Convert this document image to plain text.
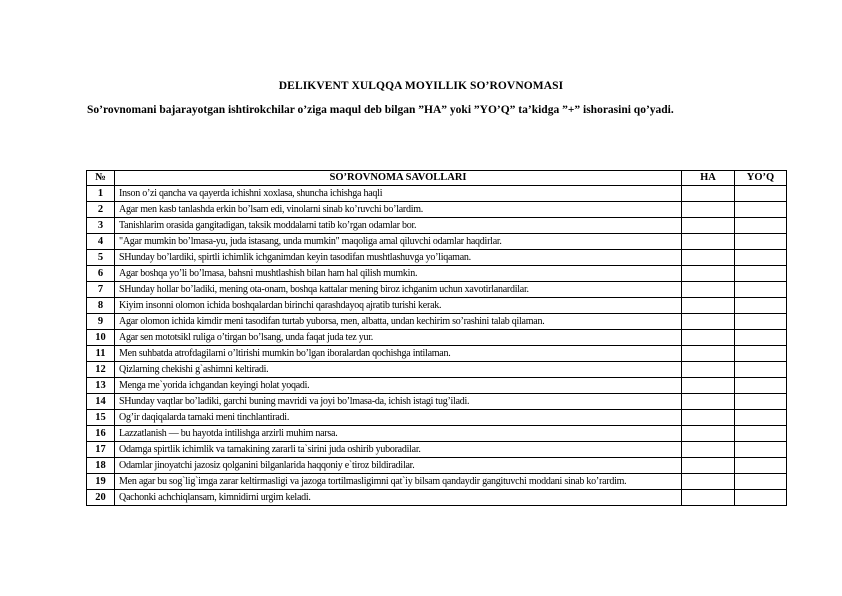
DELIKVENT XULQQA MOYILLIK SO’ROVNOMASI
So’rovnomani bajarayotgan ishtirokchilar o’ziga maqul deb bilgan ”HA” yoki ”YO’Q” ta’kidga ”+” ishorasini qo’yadi.
№	SO’ROVNOMA SAVOLLARI	HA	YO’Q
1	Inson o’zi qancha va qayerda ichishni xoxlasa, shuncha ichishga haqli		
2	Agar men kasb tanlashda erkin bo’lsam edi, vinolarni sinab ko’ruvchi bo’lardim.		
3	Tanishlarim orasida gangitadigan, taksik moddalarni tatib ko’rgan odamlar bor.		
4	"Agar mumkin bo’lmasa-yu, juda istasang, unda mumkin" maqoliga amal qiluvchi odamlar haqdirlar.		
5	SHunday bo’lardiki, spirtli ichimlik ichganimdan keyin tasodifan mushtlashuvga yo’liqaman.		
6	Agar boshqa yo’li bo’lmasa, bahsni mushtlashish bilan ham hal qilish mumkin.		
7	SHunday hollar bo’ladiki, mening ota-onam, boshqa kattalar mening biroz ichganim uchun xavotirlanardilar.		
8	Kiyim insonni olomon ichida boshqalardan birinchi qarashdayoq ajratib turishi kerak.		
9	Agar olomon ichida kimdir meni tasodifan turtab yuborsa, men, albatta, undan kechirim so’rashini talab qilaman.		
10	Agar sen mototsikl ruliga o’tirgan bo’lsang, unda faqat juda tez yur.		
11	Men suhbatda atrofdagilarni o’ltirishi mumkin bo’lgan iboralardan qochishga intilaman.		
12	Qizlarning chekishi g`ashimni keltiradi.		
13	Menga me`yorida ichgandan keyingi holat yoqadi.		
14	SHunday vaqtlar bo’ladiki, garchi buning mavridi va joyi bo’lmasa-da, ichish istagi tug’iladi.		
15	Og’ir daqiqalarda tamaki meni tinchlantiradi.		
16	Lazzatlanish — bu hayotda intilishga arzirli muhim narsa.		
17	Odamga spirtlik ichimlik va tamakining zararli ta`sirini juda oshirib yuboradilar.		
18	Odamlar jinoyatchi jazosiz qolganini bilganlarida haqqoniy e`tiroz bildiradilar.		
19	Men agar bu sog`lig`imga zarar keltirmasligi va jazoga tortilmasligimni qat`iy bilsam qandaydir gangituvchi moddani sinab ko’rardim.		
20	Qachonki achchiqlansam, kimnidirni urgim keladi.		
